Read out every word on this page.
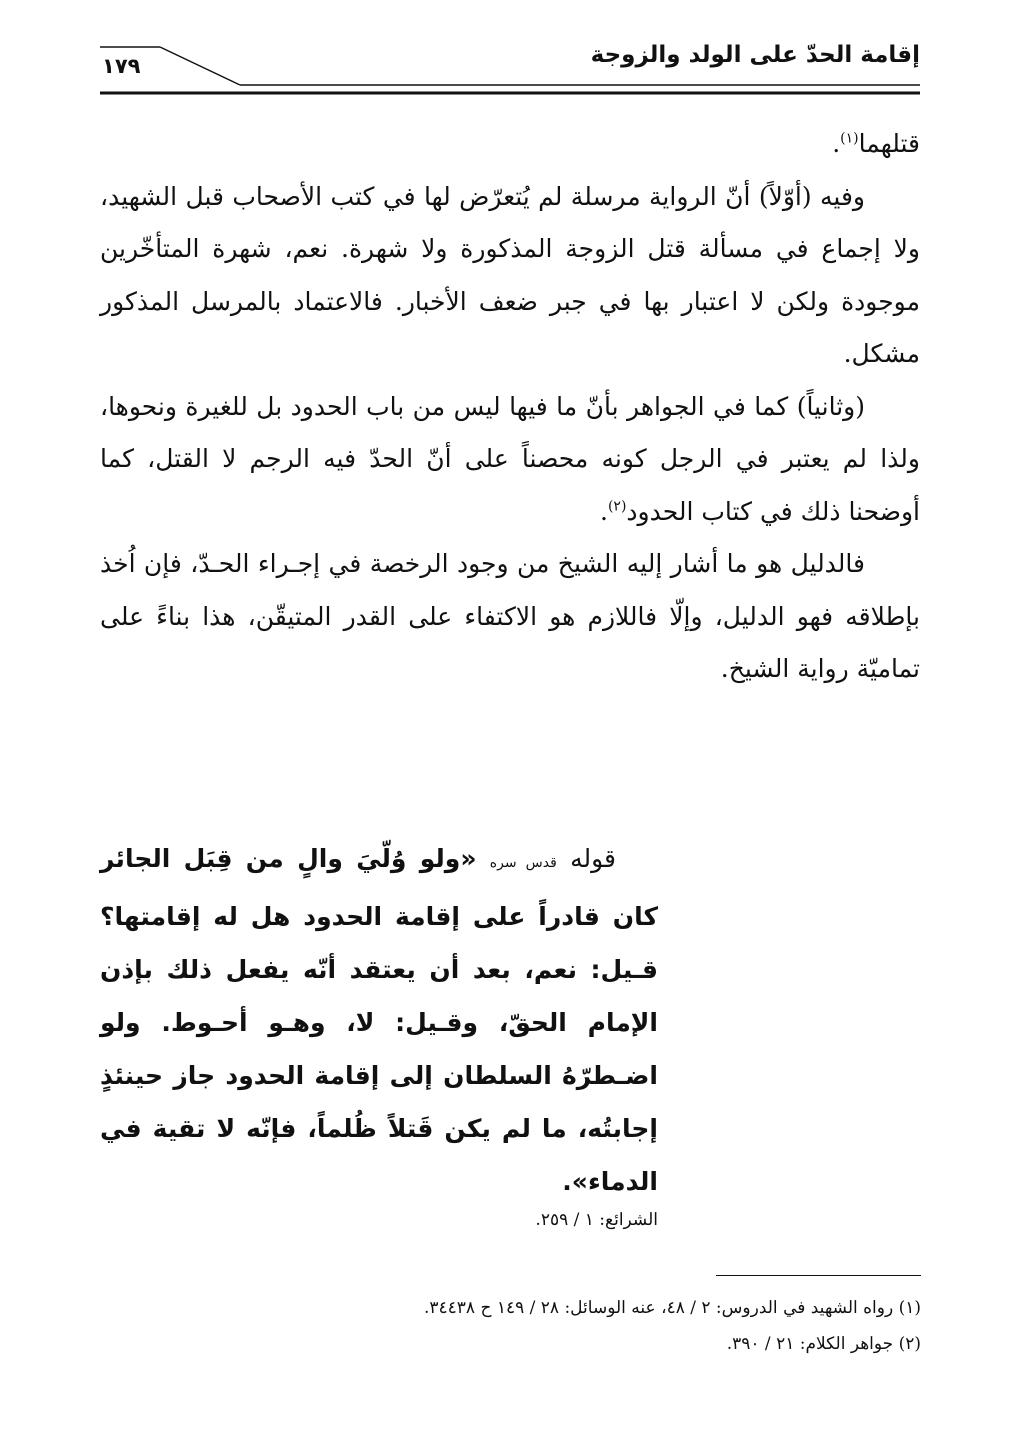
إقامة الحدّ على الولد والزوجة
١٧٩

قتلهما$^{(١)}$.

وفيه (أوّلاً) أنّ الرواية مرسلة لم يُتعرّض لها في كتب الأصحاب قبل الشهيد، ولا إجماع في مسألة قتل الزوجة المذكورة ولا شهرة. نعم، شهرة المتأخّرين موجودة ولكن لا اعتبار بها في جبر ضعف الأخبار. فالاعتماد بالمرسل المذكور مشكل.

(وثانياً) كما في الجواهر بأنّ ما فيها ليس من باب الحدود بل للغيرة ونحوها، ولذا لم يعتبر في الرجل كونه محصناً على أنّ الحدّ فيه الرجم لا القتل، كما أوضحنا ذلك في كتاب الحدود$^{(٢)}$.

فالدليل هو ما أشار إليه الشيخ من وجود الرخصة في إجـراء الحـدّ، فإن اُخذ بإطلاقه فهو الدليل، وإلّا فاللازم هو الاكتفاء على القدر المتيقّن، هذا بناءً على تماميّة رواية الشيخ.

قوله قدس سره «ولو وُلّيَ والٍ من قِبَل الجائر كان قادراً على إقامة الحدود هل له إقامتها؟ قـيل: نعم، بعد أن يعتقد أنّه يفعل ذلك بإذن الإمام الحقّ، وقـيل: لا، وهـو أحـوط. ولو اضـطرّهُ السلطان إلى إقامة الحدود جاز حينئذٍ إجابتُه، ما لم يكن قَتلاً ظُلماً، فإنّه لا تقية في الدماء».

الشرائع: ١ / ٢٥٩.
(١) رواه الشهيد في الدروس: ٢ / ٤٨، عنه الوسائل: ٢٨ / ١٤٩ ح ٣٤٤٣٨.
(٢) جواهر الكلام: ٢١ / ٣٩٠.
